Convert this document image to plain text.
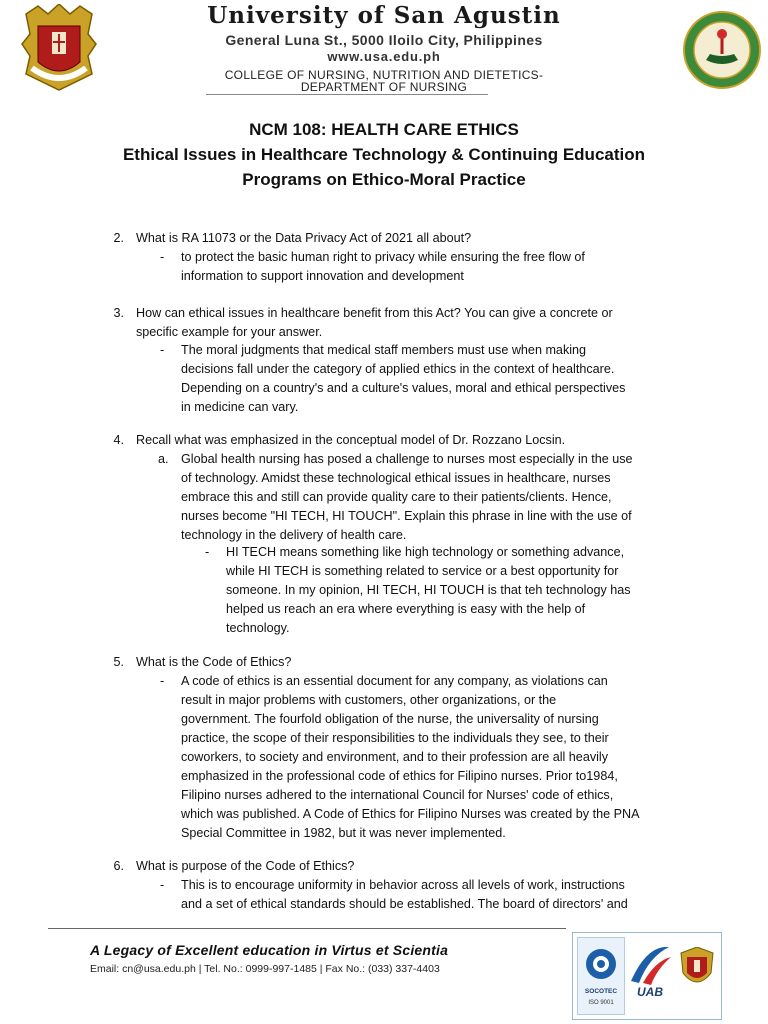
University of San Agustin
General Luna St., 5000 Iloilo City, Philippines
www.usa.edu.ph
COLLEGE OF NURSING, NUTRITION AND DIETETICS-
DEPARTMENT OF NURSING
NCM 108: HEALTH CARE ETHICS
Ethical Issues in Healthcare Technology & Continuing Education
Programs on Ethico-Moral Practice
2. What is RA 11073 or the Data Privacy Act of 2021 all about?
-	to protect the basic human right to privacy while ensuring the free flow of
information to support innovation and development
3. How can ethical issues in healthcare benefit from this Act? You can give a concrete or
specific example for your answer.
-	The moral judgments that medical staff members must use when making
decisions fall under the category of applied ethics in the context of healthcare.
Depending on a country's and a culture's values, moral and ethical perspectives
in medicine can vary.
4. Recall what was emphasized in the conceptual model of Dr. Rozzano Locsin.
a. Global health nursing has posed a challenge to nurses most especially in the use
of technology. Amidst these technological ethical issues in healthcare, nurses
embrace this and still can provide quality care to their patients/clients. Hence,
nurses become "HI TECH, HI TOUCH". Explain this phrase in line with the use of
technology in the delivery of health care.
-	HI TECH means something like high technology or something advance,
while HI TECH is something related to service or a best opportunity for
someone. In my opinion, HI TECH, HI TOUCH is that teh technology has
helped us reach an era where everything is easy with the help of
technology.
5. What is the Code of Ethics?
-	A code of ethics is an essential document for any company, as violations can
result in major problems with customers, other organizations, or the
government. The fourfold obligation of the nurse, the universality of nursing
practice, the scope of their responsibilities to the individuals they see, to their
coworkers, to society and environment, and to their profession are all heavily
emphasized in the professional code of ethics for Filipino nurses. Prior to1984,
Filipino nurses adhered to the international Council for Nurses' code of ethics,
which was published. A Code of Ethics for Filipino Nurses was created by the PNA
Special Committee in 1982, but it was never implemented.
6. What is purpose of the Code of Ethics?
-	This is to encourage uniformity in behavior across all levels of work, instructions
and a set of ethical standards should be established. The board of directors' and
A Legacy of Excellent education in Virtus et Scientia
Email: cn@usa.edu.ph | Tel. No.: 0999-997-1485 | Fax No.: (033) 337-4403
SOCOTEC
ISO 9001
UAB
